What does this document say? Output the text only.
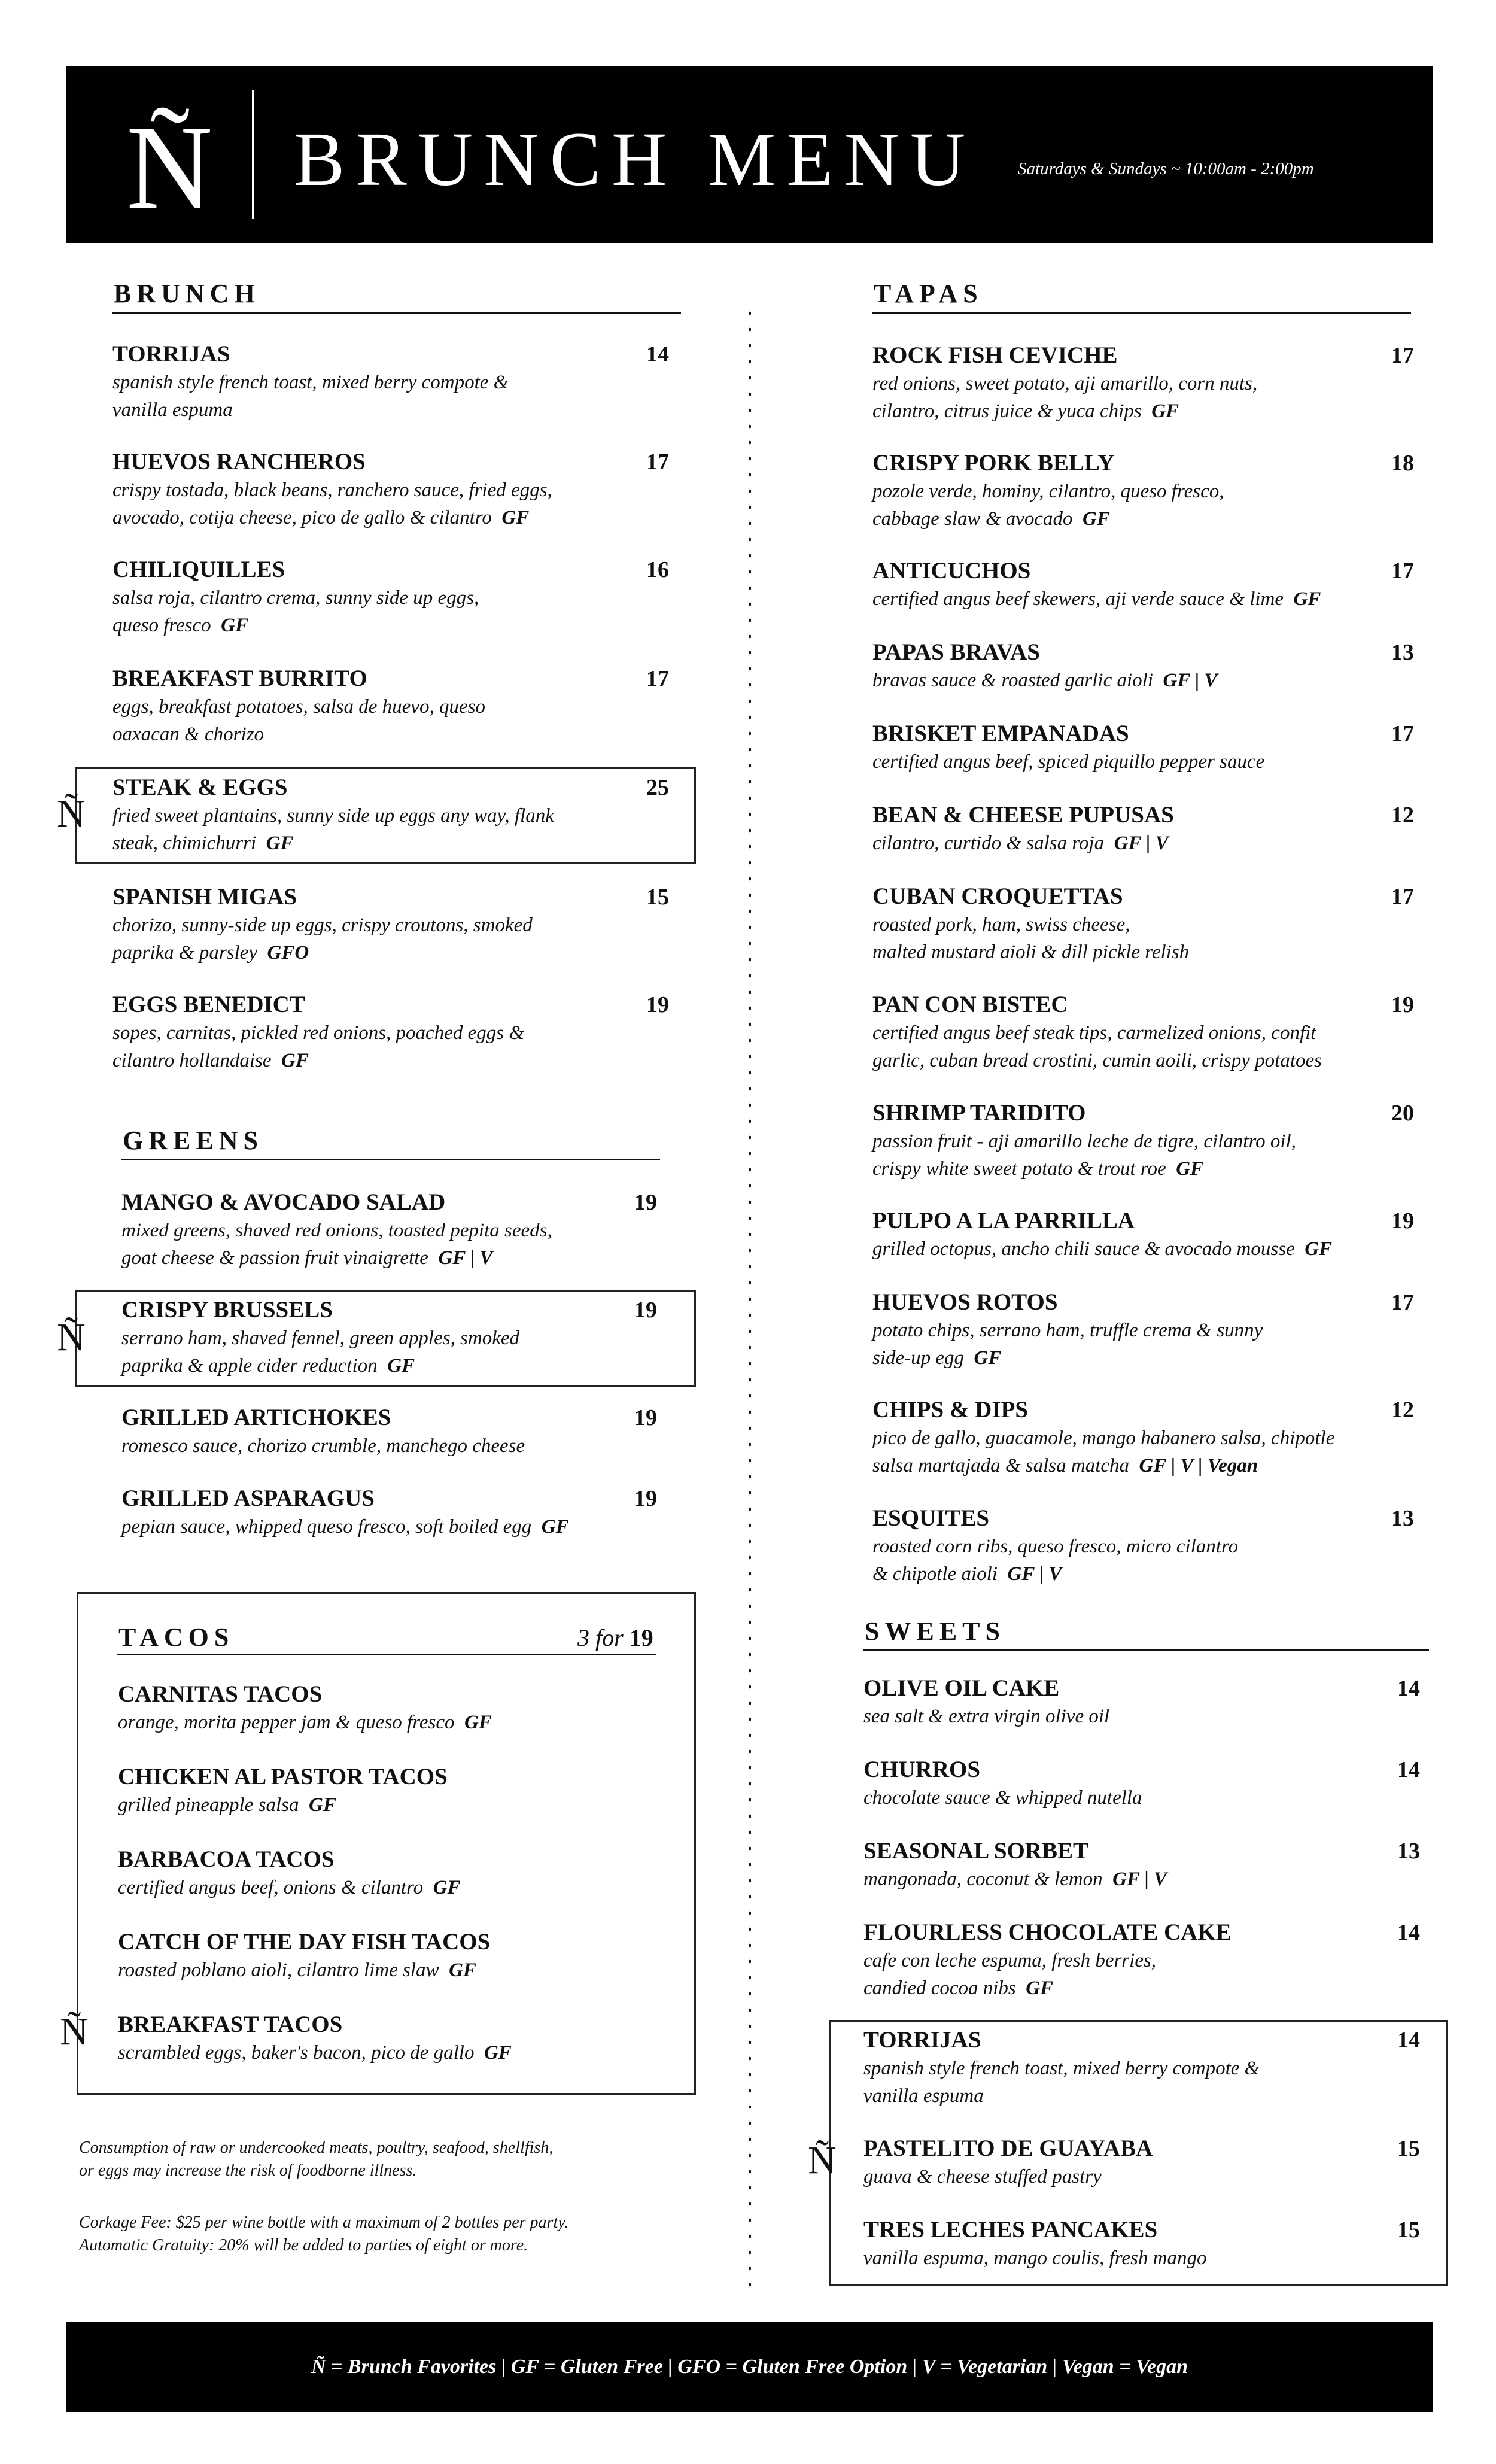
Ñ BRUNCH MENU Saturdays & Sundays ~ 10:00am - 2:00pm
BRUNCH
TORRIJAS	14
spanish style french toast, mixed berry compote &
vanilla espuma
HUEVOS RANCHEROS	17
crispy tostada, black beans, ranchero sauce, fried eggs,
avocado, cotija cheese, pico de gallo & cilantro GF
CHILIQUILLES	16
salsa roja, cilantro crema, sunny side up eggs,
queso fresco GF
BREAKFAST BURRITO	17
eggs, breakfast potatoes, salsa de huevo, queso
oaxacan & chorizo
STEAK & EGGS	25
fried sweet plantains, sunny side up eggs any way, flank
steak, chimichurri GF
SPANISH MIGAS	15
chorizo, sunny-side up eggs, crispy croutons, smoked
paprika & parsley GFO
EGGS BENEDICT	19
sopes, carnitas, pickled red onions, poached eggs &
cilantro hollandaise GF
GREENS
MANGO & AVOCADO SALAD	19
mixed greens, shaved red onions, toasted pepita seeds,
goat cheese & passion fruit vinaigrette GF | V
CRISPY BRUSSELS	19
serrano ham, shaved fennel, green apples, smoked
paprika & apple cider reduction GF
GRILLED ARTICHOKES	19
romesco sauce, chorizo crumble, manchego cheese
GRILLED ASPARAGUS	19
pepian sauce, whipped queso fresco, soft boiled egg GF
TACOS	3 for 19
CARNITAS TACOS
orange, morita pepper jam & queso fresco GF
CHICKEN AL PASTOR TACOS
grilled pineapple salsa GF
BARBACOA TACOS
certified angus beef, onions & cilantro GF
CATCH OF THE DAY FISH TACOS
roasted poblano aioli, cilantro lime slaw GF
BREAKFAST TACOS
scrambled eggs, baker's bacon, pico de gallo GF
Consumption of raw or undercooked meats, poultry, seafood, shellfish,
or eggs may increase the risk of foodborne illness.
Corkage Fee: $25 per wine bottle with a maximum of 2 bottles per party.
Automatic Gratuity: 20% will be added to parties of eight or more.
TAPAS
ROCK FISH CEVICHE	17
red onions, sweet potato, aji amarillo, corn nuts,
cilantro, citrus juice & yuca chips GF
CRISPY PORK BELLY	18
pozole verde, hominy, cilantro, queso fresco,
cabbage slaw & avocado GF
ANTICUCHOS	17
certified angus beef skewers, aji verde sauce & lime GF
PAPAS BRAVAS	13
bravas sauce & roasted garlic aioli GF | V
BRISKET EMPANADAS	17
certified angus beef, spiced piquillo pepper sauce
BEAN & CHEESE PUPUSAS	12
cilantro, curtido & salsa roja GF | V
CUBAN CROQUETTAS	17
roasted pork, ham, swiss cheese,
malted mustard aioli & dill pickle relish
PAN CON BISTEC	19
certified angus beef steak tips, carmelized onions, confit
garlic, cuban bread crostini, cumin aoili, crispy potatoes
SHRIMP TARIDITO	20
passion fruit - aji amarillo leche de tigre, cilantro oil,
crispy white sweet potato & trout roe GF
PULPO A LA PARRILLA	19
grilled octopus, ancho chili sauce & avocado mousse GF
HUEVOS ROTOS	17
potato chips, serrano ham, truffle crema & sunny
side-up egg GF
CHIPS & DIPS	12
pico de gallo, guacamole, mango habanero salsa, chipotle
salsa martajada & salsa matcha GF | V | Vegan
ESQUITES	13
roasted corn ribs, queso fresco, micro cilantro
& chipotle aioli GF | V
SWEETS
OLIVE OIL CAKE	14
sea salt & extra virgin olive oil
CHURROS	14
chocolate sauce & whipped nutella
SEASONAL SORBET	13
mangonada, coconut & lemon GF | V
FLOURLESS CHOCOLATE CAKE	14
cafe con leche espuma, fresh berries,
candied cocoa nibs GF
TORRIJAS	14
spanish style french toast, mixed berry compote &
vanilla espuma
PASTELITO DE GUAYABA	15
guava & cheese stuffed pastry
TRES LECHES PANCAKES	15
vanilla espuma, mango coulis, fresh mango
Ñ
Ñ
Ñ
Ñ
Ñ = Brunch Favorites | GF = Gluten Free | GFO = Gluten Free Option | V = Vegetarian | Vegan = Vegan
